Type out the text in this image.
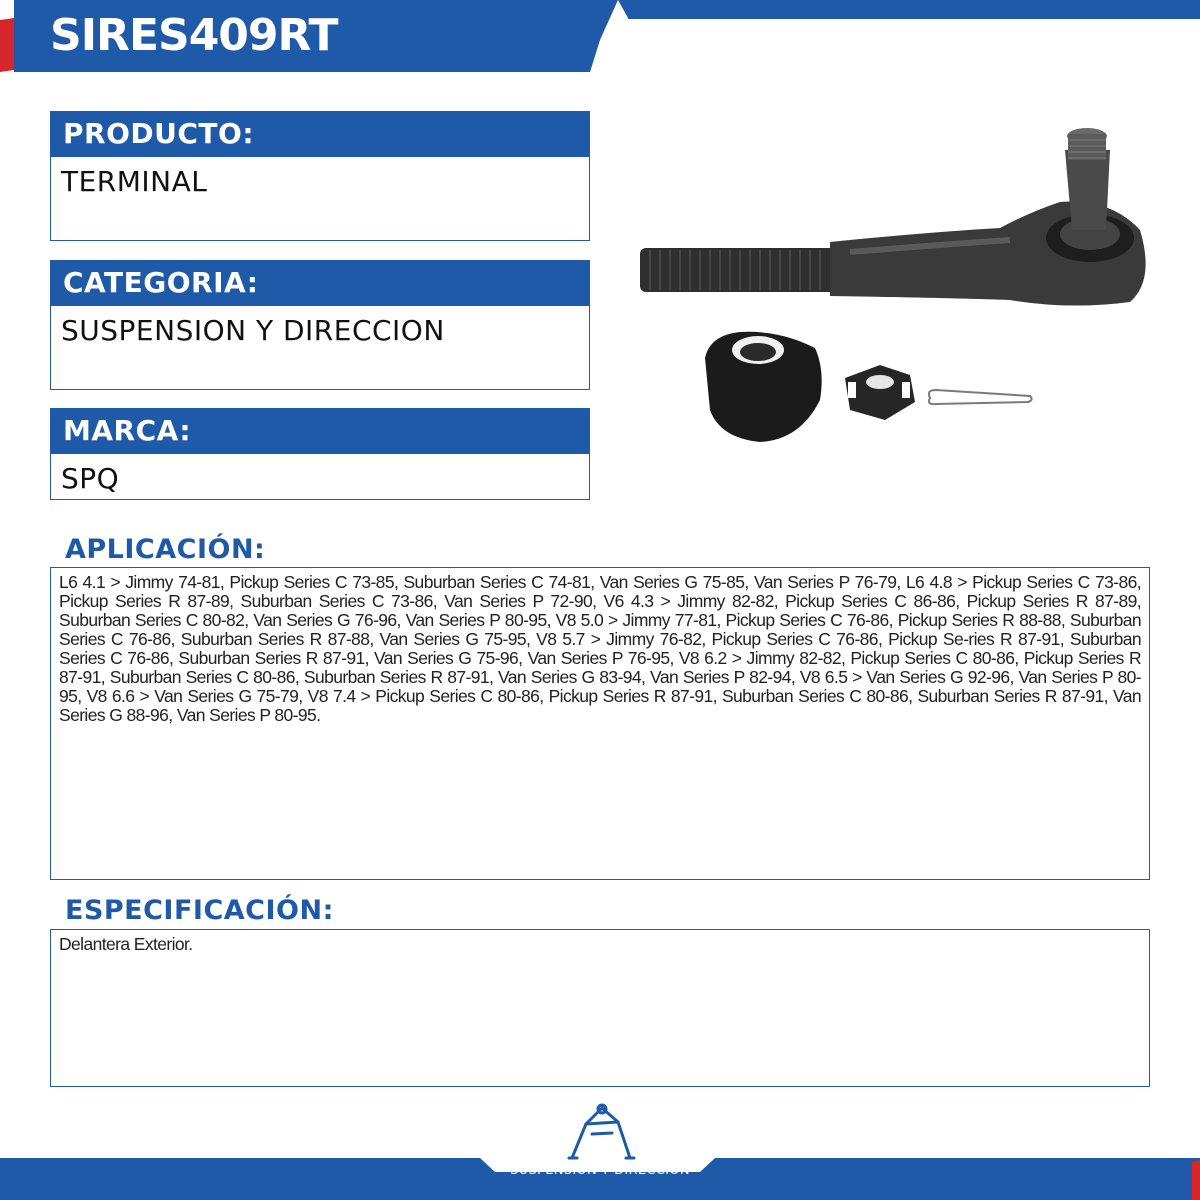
SIRES409RT
PRODUCTO:
TERMINAL
CATEGORIA:
SUSPENSION Y DIRECCION
MARCA:
SPQ
APLICACIÓN:
L6 4.1 > Jimmy 74-81, Pickup Series C 73-85, Suburban Series C 74-81, Van Series G 75-85, Van Series P 76-79, L6 4.8 > Pickup Series C 73-86, Pickup Series R 87-89, Suburban Series C 73-86, Van Series P 72-90, V6 4.3 > Jimmy 82-82, Pickup Series C 86-86, Pickup Series R 87-89, Suburban Series C 80-82, Van Series G 76-96, Van Series P 80-95, V8 5.0 > Jimmy 77-81, Pickup Series C 76-86, Pickup Series R 88-88, Suburban Series C 76-86, Suburban Series R 87-88, Van Series G 75-95, V8 5.7 > Jimmy 76-82, Pickup Series C 76-86, Pickup Se-ries R 87-91, Suburban Series C 76-86, Suburban Series R 87-91, Van Series G 75-96, Van Series P 76-95, V8 6.2 > Jimmy 82-82, Pickup Series C 80-86, Pickup Series R 87-91, Suburban Series C 80-86, Suburban Series R 87-91, Van Series G 83-94, Van Series P 82-94, V8 6.5 > Van Series G 92-96, Van Series P 80-95, V8 6.6 > Van Series G 75-79, V8 7.4 > Pickup Series C 80-86, Pickup Series R 87-91, Suburban Series C 80-86, Suburban Series R 87-91, Van Series G 88-96, Van Series P 80-95.
ESPECIFICACIÓN:
Delantera Exterior.
SUSPENSIÓN Y DIRECCIÓN
